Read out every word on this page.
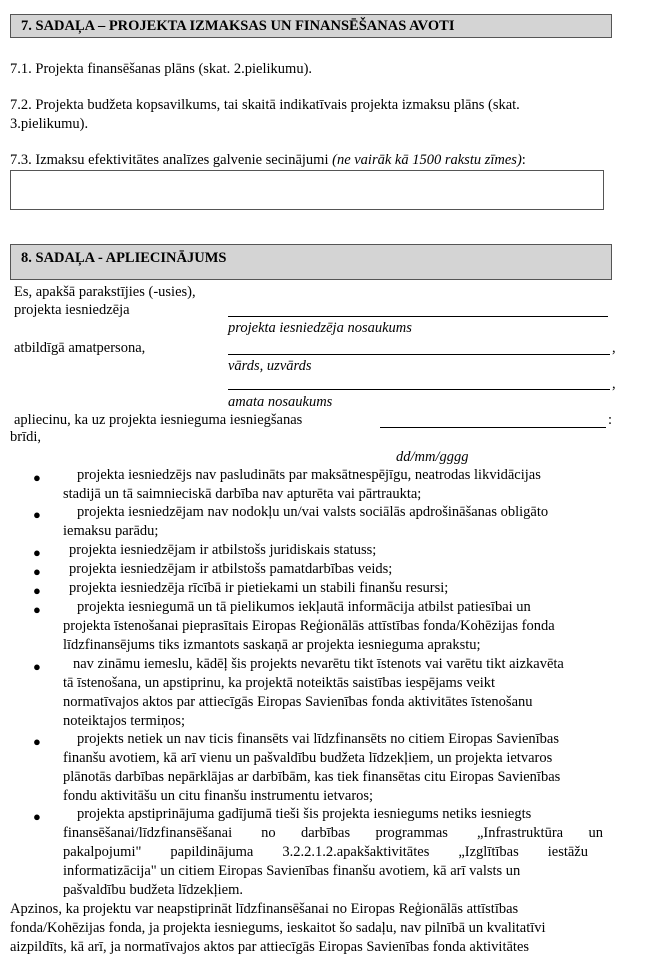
7. SADAĻA – PROJEKTA IZMAKSAS UN FINANSĒŠANAS AVOTI
7.1. Projekta finansēšanas plāns (skat. 2.pielikumu).
7.2. Projekta budžeta kopsavilkums, tai skaitā indikatīvais projekta izmaksu plāns (skat.
3.pielikumu).
7.3. Izmaksu efektivitātes analīzes galvenie secinājumi (ne vairāk kā 1500 rakstu zīmes):
8. SADAĻA - APLIECINĀJUMS
Es, apakšā parakstījies (-usies),
projekta iesniedzēja
projekta iesniedzēja nosaukums
atbildīgā amatpersona,	,
vārds, uzvārds
,
amata nosaukums
apliecinu, ka uz projekta iesnieguma iesniegšanas	:
brīdi,
dd/mm/gggg
●	projekta iesniedzējs nav pasludināts par maksātnespējīgu, neatrodas likvidācijas
stadijā un tā saimnieciskā darbība nav apturēta vai pārtraukta;
●	projekta iesniedzējam nav nodokļu un/vai valsts sociālās apdrošināšanas obligāto
iemaksu parādu;
●	projekta iesniedzējam ir atbilstošs juridiskais statuss;
●	projekta iesniedzējam ir atbilstošs pamatdarbības veids;
●	projekta iesniedzēja rīcībā ir pietiekami un stabili finanšu resursi;
●	projekta iesniegumā un tā pielikumos iekļautā informācija atbilst patiesībai un
projekta īstenošanai pieprasītais Eiropas Reģionālās attīstības fonda/Kohēzijas fonda
līdzfinansējums tiks izmantots saskaņā ar projekta iesnieguma aprakstu;
●	nav zināmu iemeslu, kādēļ šis projekts nevarētu tikt īstenots vai varētu tikt aizkavēta
tā īstenošana, un apstiprinu, ka projektā noteiktās saistības iespējams veikt
normatīvajos aktos par attiecīgās Eiropas Savienības fonda aktivitātes īstenošanu
noteiktajos termiņos;
●	projekts netiek un nav ticis finansēts vai līdzfinansēts no citiem Eiropas Savienības
finanšu avotiem, kā arī vienu un pašvaldību budžeta līdzekļiem, un projekta ietvaros
plānotās darbības nepārklājas ar darbībām, kas tiek finansētas citu Eiropas Savienības
fondu aktivitāšu un citu finanšu instrumentu ietvaros;
●	projekta apstiprinājuma gadījumā tieši šis projekta iesniegums netiks iesniegts
finansēšanai/līdzfinansēšanai        no       darbības       programmas        „Infrastruktūra       un
pakalpojumi"        papildinājuma        3.2.2.1.2.apakšaktivitātes        „Izglītības        iestāžu
informatizācija" un citiem Eiropas Savienības finanšu avotiem, kā arī valsts un
pašvaldību budžeta līdzekļiem.
Apzinos, ka projektu var neapstiprināt līdzfinansēšanai no Eiropas Reģionālās attīstības
fonda/Kohēzijas fonda, ja projekta iesniegums, ieskaitot šo sadaļu, nav pilnībā un kvalitatīvi
aizpildīts, kā arī, ja normatīvajos aktos par attiecīgās Eiropas Savienības fonda aktivitātes
